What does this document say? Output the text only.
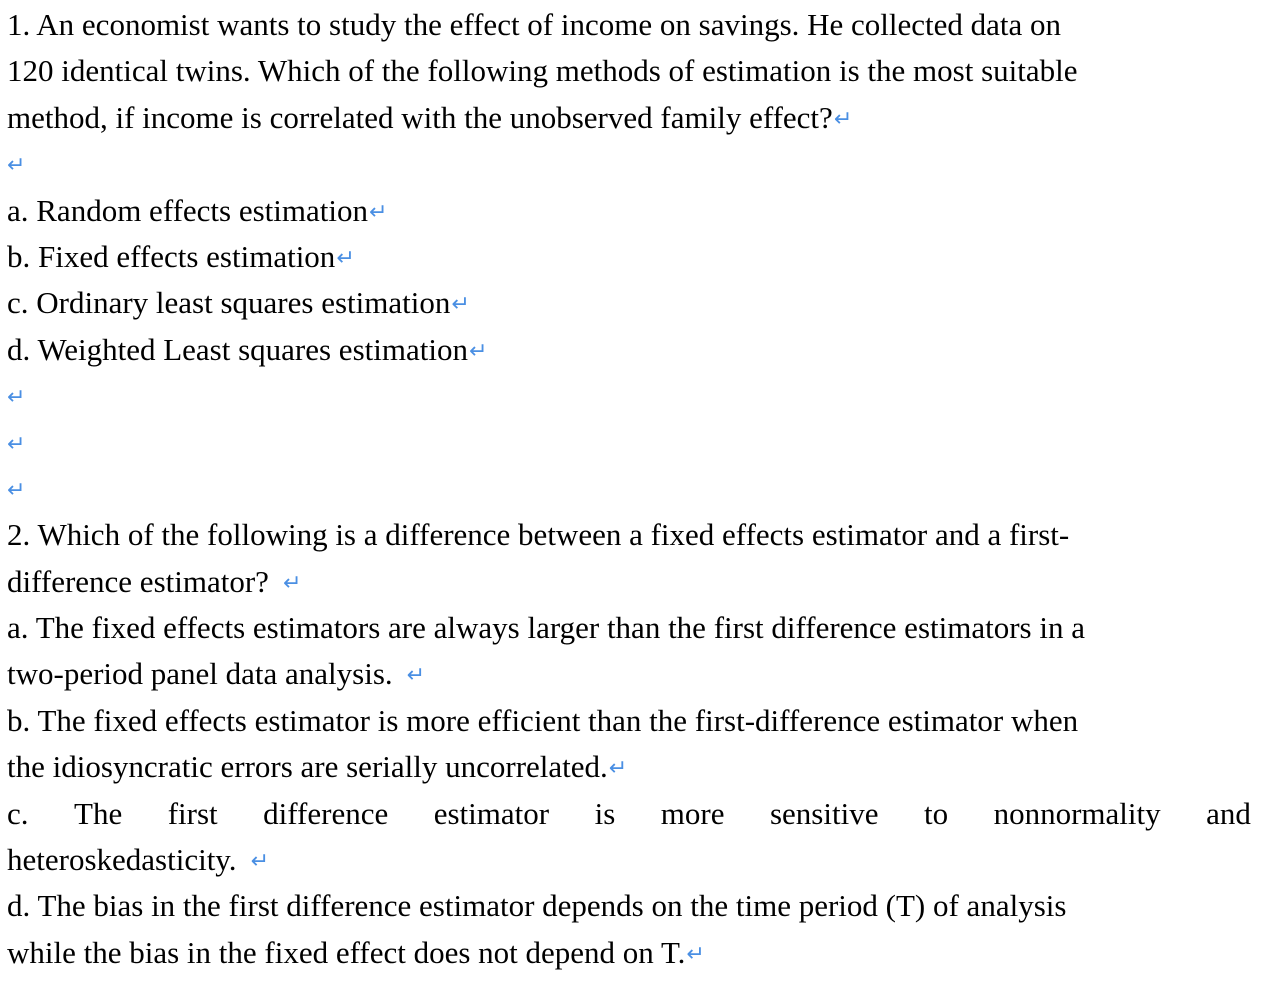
1. An economist wants to study the effect of income on savings. He collected data on
120 identical twins. Which of the following methods of estimation is the most suitable
method, if income is correlated with the unobserved family effect?↵
↵
a. Random effects estimation↵
b. Fixed effects estimation↵
c. Ordinary least squares estimation↵
d. Weighted Least squares estimation↵
↵
↵
↵
2. Which of the following is a difference between a fixed effects estimator and a first-
difference estimator? ↵
a. The fixed effects estimators are always larger than the first difference estimators in a
two-period panel data analysis. ↵
b. The fixed effects estimator is more efficient than the first-difference estimator when
the idiosyncratic errors are serially uncorrelated.↵
c. The first difference estimator is more sensitive to nonnormality and
heteroskedasticity. ↵
d. The bias in the first difference estimator depends on the time period (T) of analysis
while the bias in the fixed effect does not depend on T.↵
